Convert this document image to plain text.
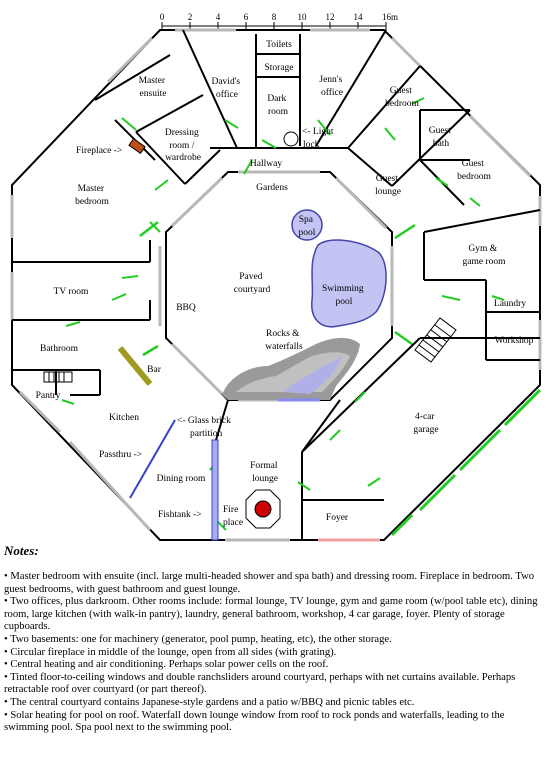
0	2	4	6	8 10 12 14 16m
Toilets
Storage
David's office
Jenn's office
Dark room
<- Light lock
Master ensuite
Dressing room / wardrobe
Fireplace ->
Guest bedroom
Guest bath
Guest bedroom
Hallway
Master bedroom
Gardens
Guest lounge
Spa pool
Gym & game room
Paved courtyard	Swimming pool
TV room
BBQ	Laundry
Rocks & waterfalls
Workshop
Bathroom
Bar
Pantry
Kitchen	<- Glass brick partition
4-car garage
Passthru ->
Formal lounge
Dining room
Fishtank -> Fire place	Foyer

Notes:

• Master bedroom with ensuite (incl. large multi-headed shower and spa bath) and dressing room. Fireplace in bedroom. Two guest bedrooms, with guest bathroom and guest lounge.
• Two offices, plus darkroom. Other rooms include: formal lounge, TV lounge, gym and game room (w/pool table etc), dining room, large kitchen (with walk-in pantry), laundry, general bathroom, workshop, 4 car garage, foyer. Plenty of storage cupboards.
• Two basements: one for machinery (generator, pool pump, heating, etc), the other storage.
• Circular fireplace in middle of the lounge, open from all sides (with grating).
• Central heating and air conditioning. Perhaps solar power cells on the roof.
• Tinted floor-to-ceiling windows and double ranchsliders around courtyard, perhaps with net curtains available. Perhaps retractable roof over courtyard (or part thereof).
• The central courtyard contains Japanese-style gardens and a patio w/BBQ and picnic tables etc.
• Solar heating for pool on roof. Waterfall down lounge window from roof to rock ponds and waterfalls, leading to the swimming pool. Spa pool next to the swimming pool.
